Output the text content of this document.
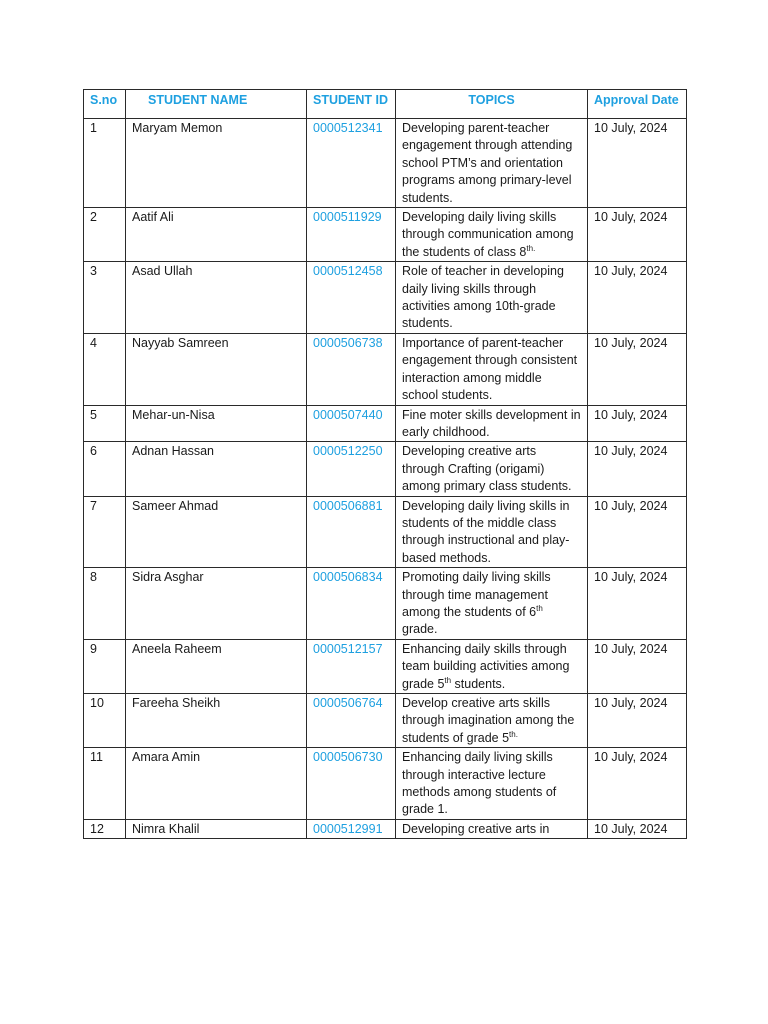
S.no	STUDENT NAME	STUDENT ID	TOPICS	Approval Date
1	Maryam Memon	0000512341	Developing parent-teacher engagement through attending school PTM’s and orientation programs among primary-level students.	10 July, 2024
2	Aatif Ali	0000511929	Developing daily living skills through communication among the students of class $8^{th.}$	10 July, 2024
3	Asad Ullah	0000512458	Role of teacher in developing daily living skills through activities among 10th-grade students.	10 July, 2024
4	Nayyab Samreen	0000506738	Importance of parent-teacher engagement through consistent interaction among middle school students.	10 July, 2024
5	Mehar-un-Nisa	0000507440	Fine moter skills development in early childhood.	10 July, 2024
6	Adnan Hassan	0000512250	Developing creative arts through Crafting (origami) among primary class students.	10 July, 2024
7	Sameer Ahmad	0000506881	Developing daily living skills in students of the middle class through instructional and play-based methods.	10 July, 2024
8	Sidra Asghar	0000506834	Promoting daily living skills through time management among the students of 6th grade.	10 July, 2024
9	Aneela Raheem	0000512157	Enhancing daily skills through team building activities among grade 5th students.	10 July, 2024
10	Fareeha Sheikh	0000506764	Develop creative arts skills through imagination among the students of grade $5^{th.}$	10 July, 2024
11	Amara Amin	0000506730	Enhancing daily living skills through interactive lecture methods among students of grade 1.	10 July, 2024
12	Nimra Khalil	0000512991	Developing creative arts in	10 July, 2024
